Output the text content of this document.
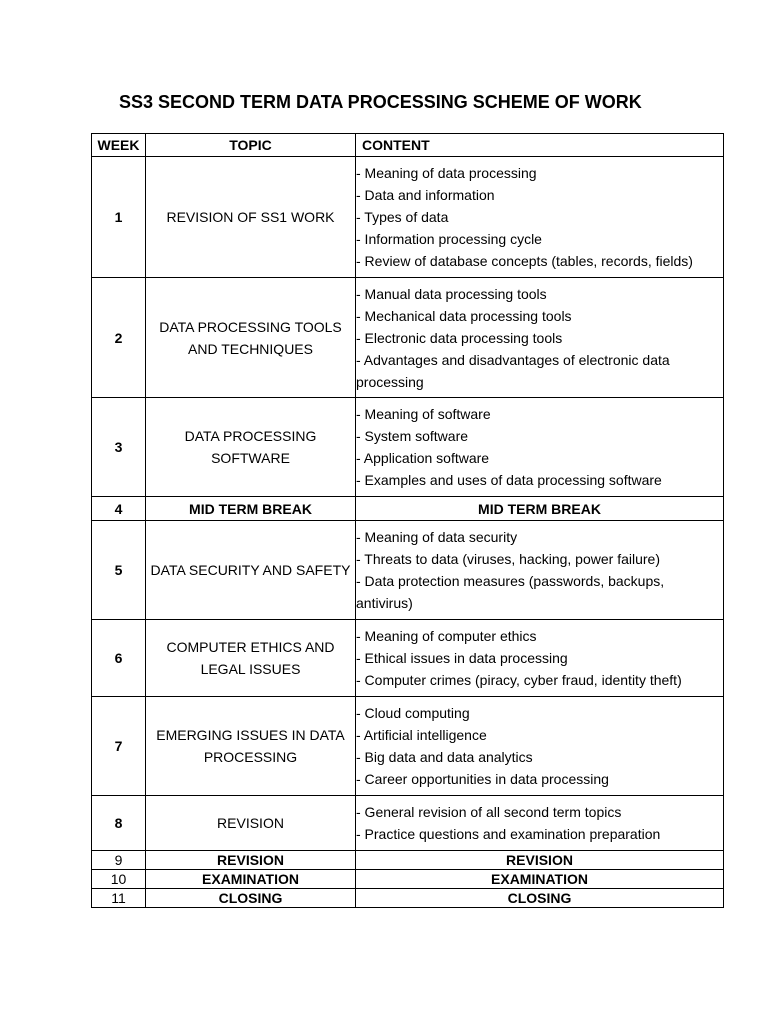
SS3 SECOND TERM DATA PROCESSING SCHEME OF WORK
WEEK	TOPIC	CONTENT
1	REVISION OF SS1 WORK	- Meaning of data processing
- Data and information
- Types of data
- Information processing cycle
- Review of database concepts (tables, records, fields)

2	DATA PROCESSING TOOLS AND TECHNIQUES	- Manual data processing tools
- Mechanical data processing tools
- Electronic data processing tools
- Advantages and disadvantages of electronic data processing

3	DATA PROCESSING SOFTWARE	- Meaning of software
- System software
- Application software
- Examples and uses of data processing software

4	MID TERM BREAK	MID TERM BREAK
5	DATA SECURITY AND SAFETY	- Meaning of data security
- Threats to data (viruses, hacking, power failure)
- Data protection measures (passwords, backups, antivirus)

6	COMPUTER ETHICS AND LEGAL ISSUES	- Meaning of computer ethics
- Ethical issues in data processing
- Computer crimes (piracy, cyber fraud, identity theft)

7	EMERGING ISSUES IN DATA PROCESSING	- Cloud computing
- Artificial intelligence
- Big data and data analytics
- Career opportunities in data processing

8	REVISION	- General revision of all second term topics
- Practice questions and examination preparation

9	REVISION	REVISION
10	EXAMINATION	EXAMINATION
11	CLOSING	CLOSING
